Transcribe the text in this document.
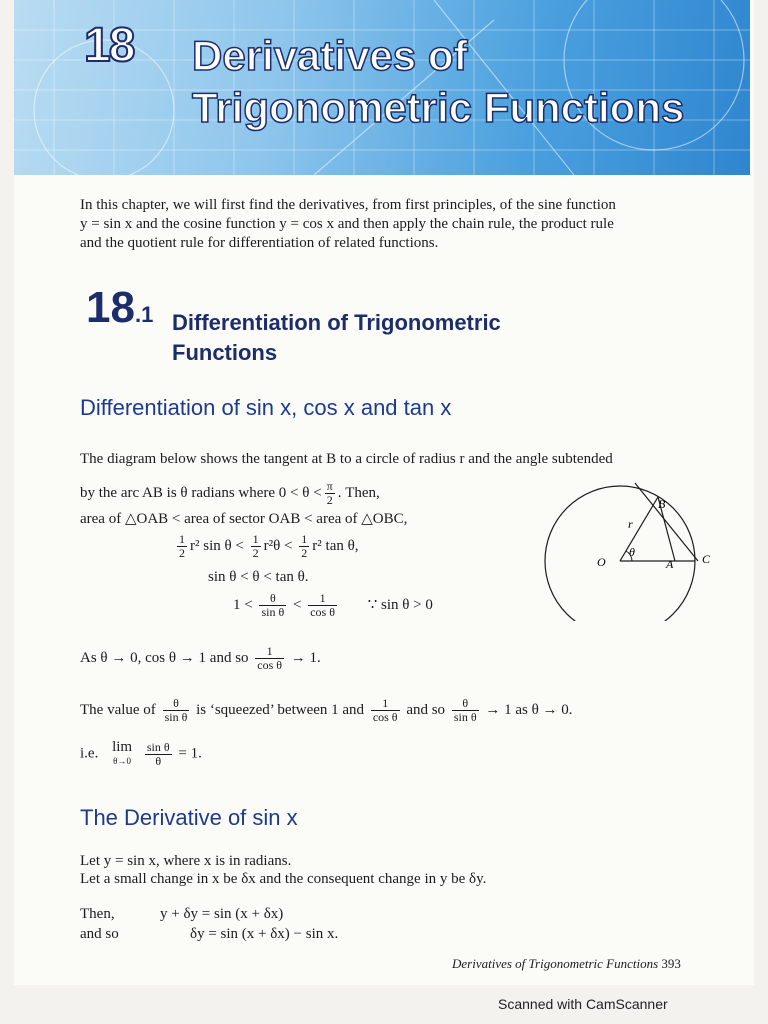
18 Derivatives of
Trigonometric Functions
In this chapter, we will first find the derivatives, from first principles, of the sine function
y = sin x and the cosine function y = cos x and then apply the chain rule, the product rule
and the quotient rule for differentiation of related functions.
18.1 Differentiation of Trigonometric
Functions
Differentiation of sin x, cos x and tan x
The diagram below shows the tangent at B to a circle of radius r and the angle subtended
by the arc AB is θ radians where $0 < \theta < \frac{\pi}{2}$ . Then,
area of △OAB < area of sector OAB < area of △OBC,
$\frac{1}{2} r^2$ $\sin \theta < \frac{1}{2} r^2\theta < \frac{1}{2} r^2$ tan θ,
sin θ < θ < tan θ.
$1 < \frac{\theta}{\text{sin θ}} < \frac{1}{\text{cos θ}}$ ∵ sin θ > 0
As θ → 0, cos θ → 1 and so $\frac{1}{\text{cos θ}} \to 1$.
The value of $\frac{\theta}{\text{sin θ}}$ is ‘squeezed’ between 1 and $\frac{1}{\text{cos θ}}$ and so $\frac{\theta}{\text{sin θ}} \to 1$ as θ → 0.
i.e. lim
θ→0
$\frac{\text{sin θ}}{\theta} = 1$.
B
r
θ
O	A C
The Derivative of sin x
Let y = sin x, where x is in radians.
Let a small change in x be δx and the consequent change in y be δy.
Then,	y + δy = sin (x + δx)
and so	δy = sin (x + δx) − sin x.
Derivatives of Trigonometric Functions 393
Scanned with CamScanner
